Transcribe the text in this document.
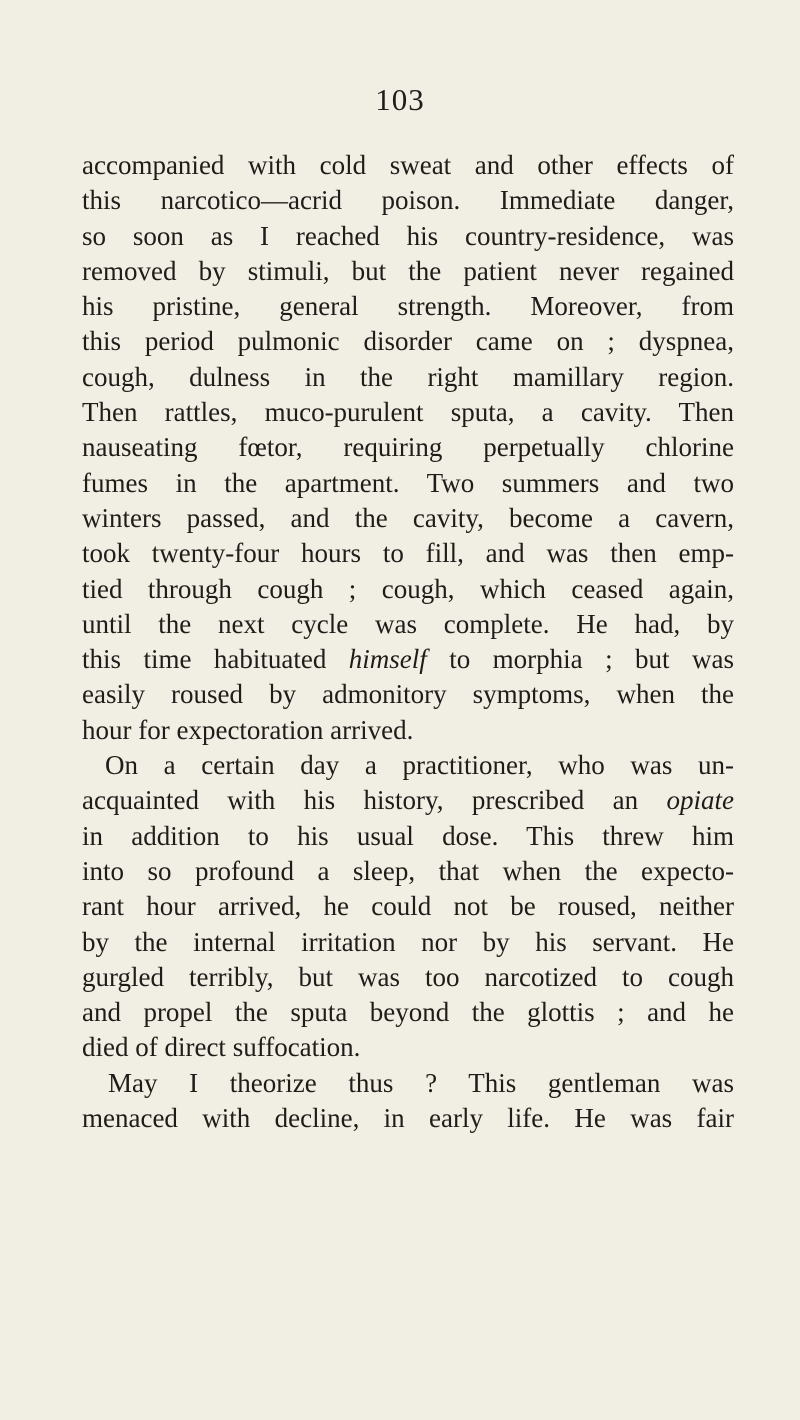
103
accompanied with cold sweat and other effects of
this narcotico—acrid poison. Immediate danger,
so soon as I reached his country-residence, was
removed by stimuli, but the patient never regained
his pristine, general strength. Moreover, from
this period pulmonic disorder came on ; dyspnea,
cough, dulness in the right mamillary region.
Then rattles, muco-purulent sputa, a cavity. Then
nauseating fœtor, requiring perpetually chlorine
fumes in the apartment. Two summers and two
winters passed, and the cavity, become a cavern,
took twenty-four hours to fill, and was then emp-
tied through cough ; cough, which ceased again,
until the next cycle was complete. He had, by
this time habituated himself to morphia ; but was
easily roused by admonitory symptoms, when the
hour for expectoration arrived.
On a certain day a practitioner, who was un-
acquainted with his history, prescribed an opiate
in addition to his usual dose. This threw him
into so profound a sleep, that when the expecto-
rant hour arrived, he could not be roused, neither
by the internal irritation nor by his servant. He
gurgled terribly, but was too narcotized to cough
and propel the sputa beyond the glottis ; and he
died of direct suffocation.
May I theorize thus ? This gentleman was
menaced with decline, in early life. He was fair
